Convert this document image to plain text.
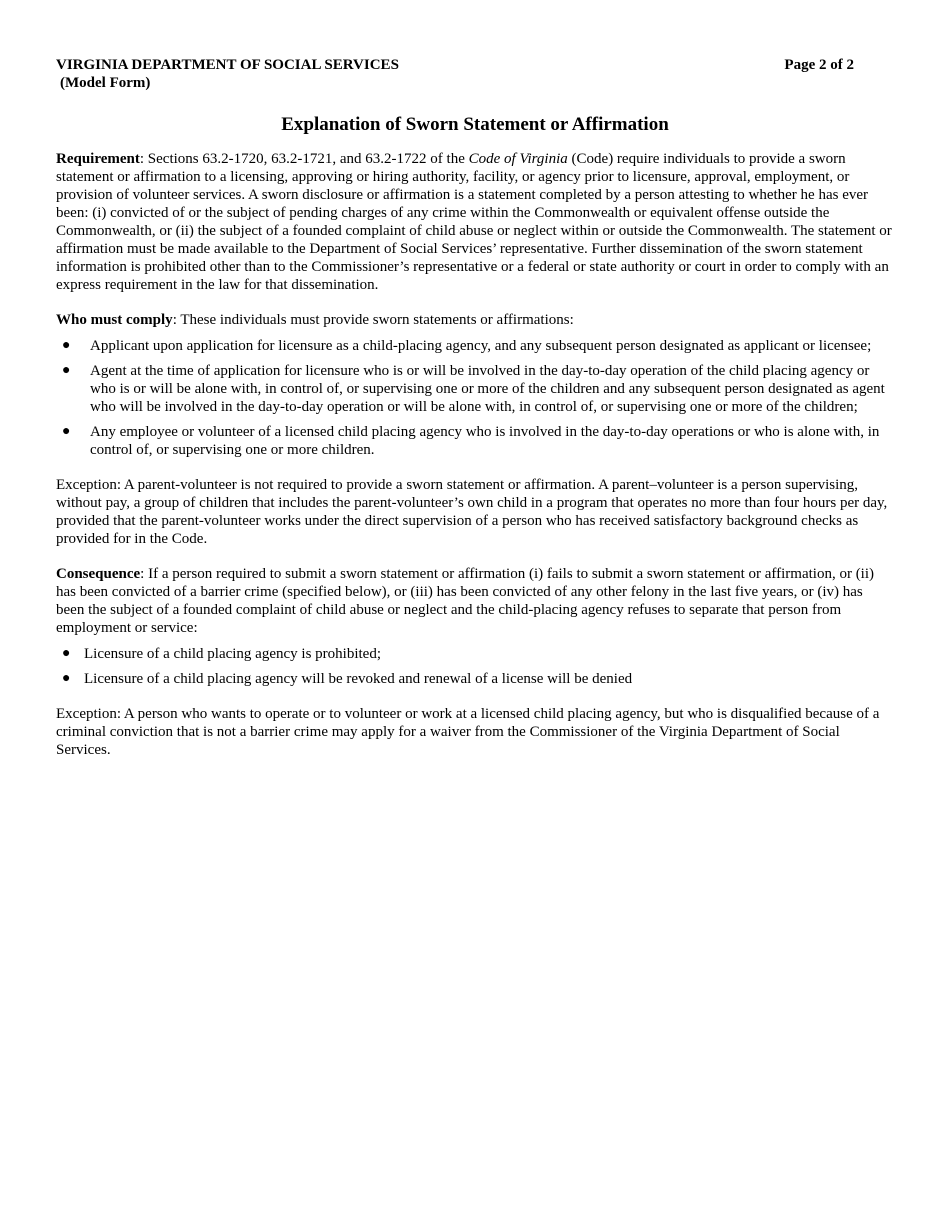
VIRGINIA DEPARTMENT OF SOCIAL SERVICES
(Model Form)
Page 2 of 2
Explanation of Sworn Statement or Affirmation

Requirement: Sections 63.2-1720, 63.2-1721, and 63.2-1722 of the Code of Virginia (Code) require individuals to provide a sworn statement or affirmation to a licensing, approving or hiring authority, facility, or agency prior to licensure, approval, employment, or provision of volunteer services. A sworn disclosure or affirmation is a statement completed by a person attesting to whether he has ever been: (i) convicted of or the subject of pending charges of any crime within the Commonwealth or equivalent offense outside the Commonwealth, or (ii) the subject of a founded complaint of child abuse or neglect within or outside the Commonwealth. The statement or affirmation must be made available to the Department of Social Services’ representative. Further dissemination of the sworn statement information is prohibited other than to the Commissioner’s representative or a federal or state authority or court in order to comply with an express requirement in the law for that dissemination.

Who must comply: These individuals must provide sworn statements or affirmations:

● Applicant upon application for licensure as a child-placing agency, and any subsequent person designated as applicant or licensee;
● Agent at the time of application for licensure who is or will be involved in the day-to-day operation of the child placing agency or who is or will be alone with, in control of, or supervising one or more of the children and any subsequent person designated as agent who will be involved in the day-to-day operation or will be alone with, in control of, or supervising one or more of the children;
● Any employee or volunteer of a licensed child placing agency who is involved in the day-to-day operations or who is alone with, in control of, or supervising one or more children.

Exception: A parent-volunteer is not required to provide a sworn statement or affirmation. A parent–volunteer is a person supervising, without pay, a group of children that includes the parent-volunteer’s own child in a program that operates no more than four hours per day, provided that the parent-volunteer works under the direct supervision of a person who has received satisfactory background checks as provided for in the Code.

Consequence: If a person required to submit a sworn statement or affirmation (i) fails to submit a sworn statement or affirmation, or (ii) has been convicted of a barrier crime (specified below), or (iii) has been convicted of any other felony in the last five years, or (iv) has been the subject of a founded complaint of child abuse or neglect and the child-placing agency refuses to separate that person from employment or service:

● Licensure of a child placing agency is prohibited;
● Licensure of a child placing agency will be revoked and renewal of a license will be denied

Exception: A person who wants to operate or to volunteer or work at a licensed child placing agency, but who is disqualified because of a criminal conviction that is not a barrier crime may apply for a waiver from the Commissioner of the Virginia Department of Social Services.
